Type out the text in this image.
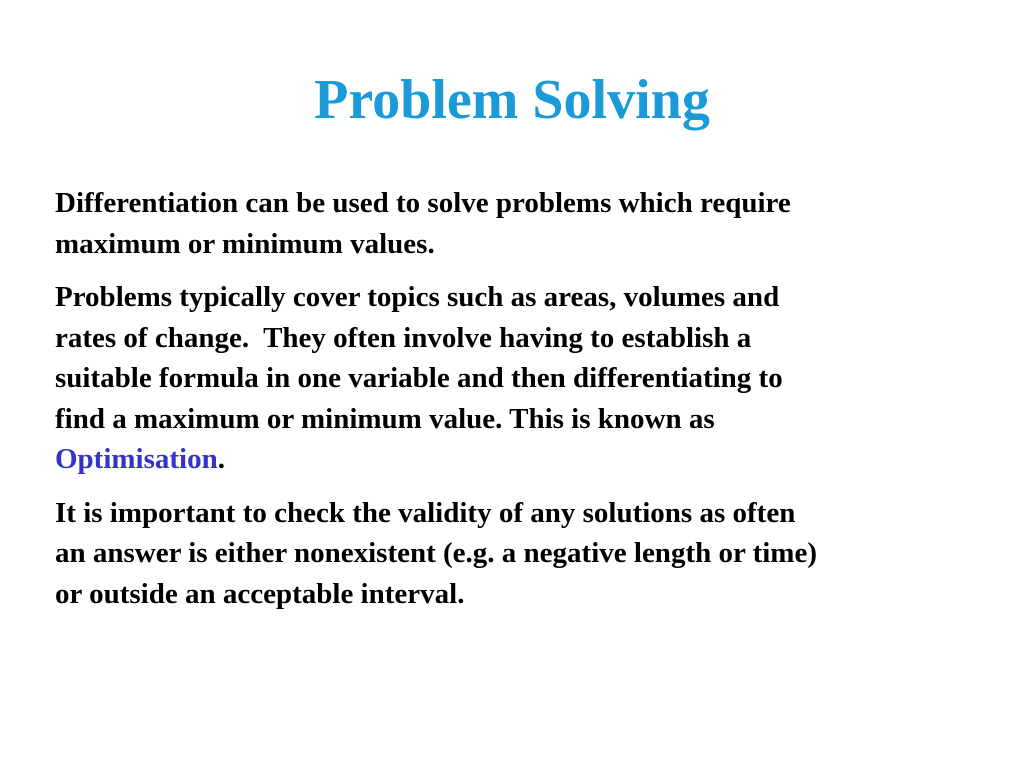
Problem Solving

Differentiation can be used to solve problems which require
maximum or minimum values.

Problems typically cover topics such as areas, volumes and
rates of change.  They often involve having to establish a
suitable formula in one variable and then differentiating to
find a maximum or minimum value. This is known as
Optimisation.

It is important to check the validity of any solutions as often
an answer is either nonexistent (e.g. a negative length or time)
or outside an acceptable interval.
